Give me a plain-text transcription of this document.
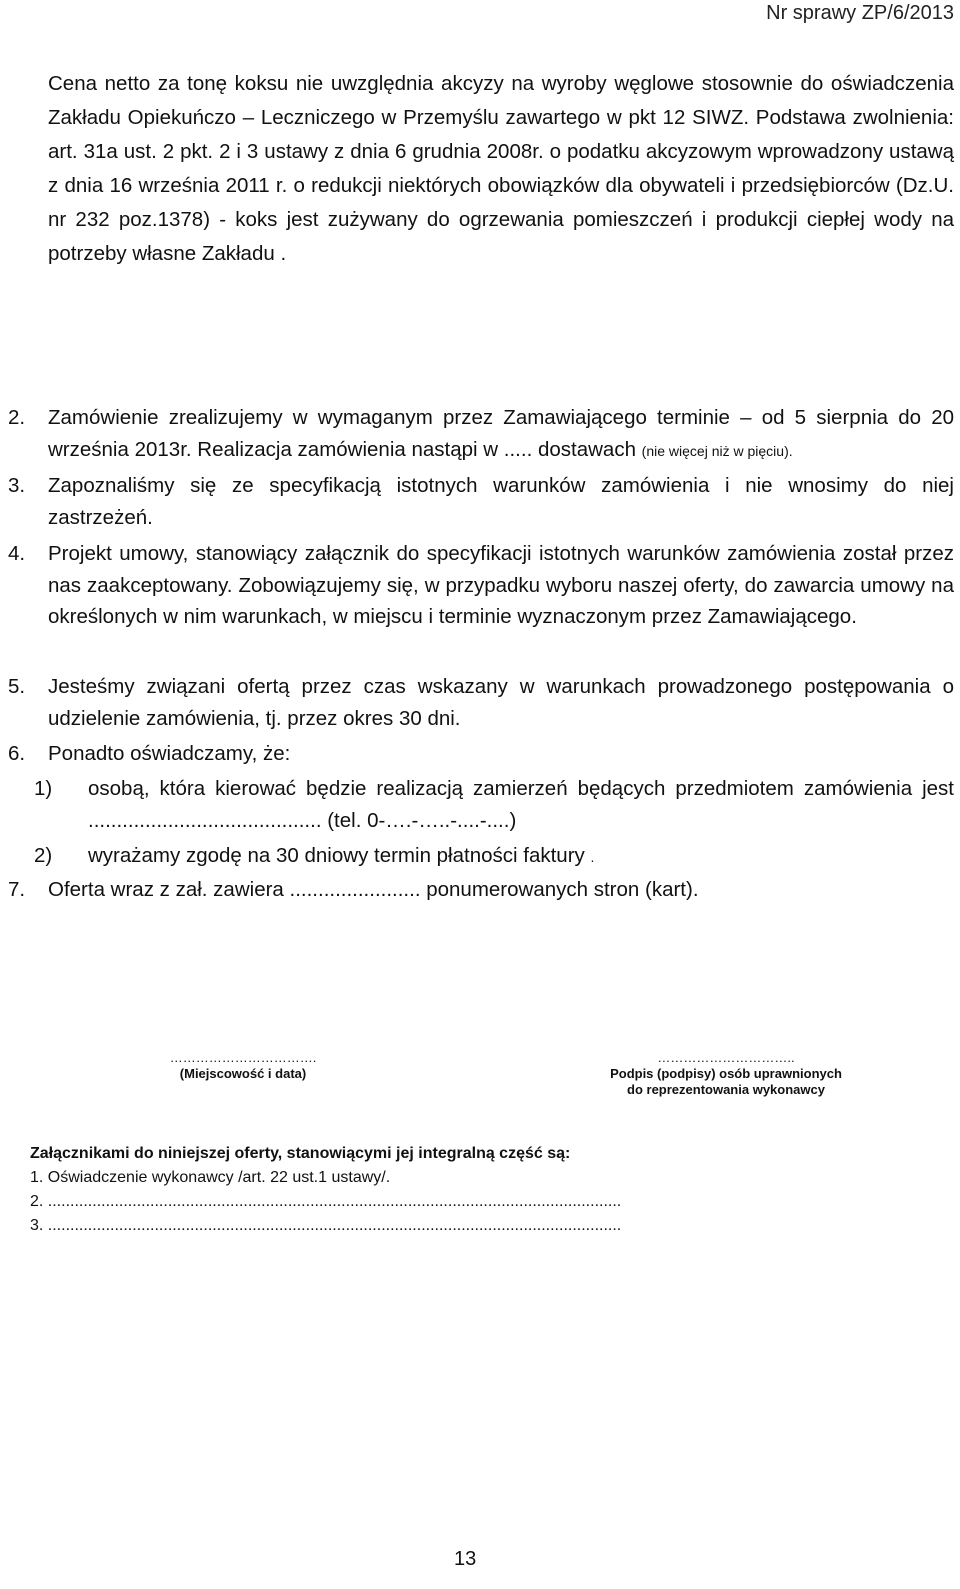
Nr sprawy ZP/6/2013
Cena netto za tonę koksu nie uwzględnia akcyzy na wyroby węglowe stosownie do oświadczenia Zakładu Opiekuńczo – Leczniczego w Przemyślu zawartego w pkt 12 SIWZ. Podstawa zwolnienia: art. 31a ust. 2 pkt. 2 i 3 ustawy z dnia 6 grudnia 2008r. o podatku akcyzowym wprowadzony ustawą z dnia 16 września 2011 r. o redukcji niektórych obowiązków dla obywateli i przedsiębiorców (Dz.U. nr 232 poz.1378) - koks jest zużywany do ogrzewania pomieszczeń i produkcji ciepłej wody na potrzeby własne Zakładu .
2. Zamówienie zrealizujemy w wymaganym przez Zamawiającego terminie – od 5 sierpnia do 20 września 2013r. Realizacja zamówienia nastąpi w ..... dostawach (nie więcej niż w pięciu).
3. Zapoznaliśmy się ze specyfikacją istotnych warunków zamówienia i nie wnosimy do niej zastrzeżeń.
4. Projekt umowy, stanowiący załącznik do specyfikacji istotnych warunków zamówienia został przez nas zaakceptowany. Zobowiązujemy się, w przypadku wyboru naszej oferty, do zawarcia umowy na określonych w nim warunkach, w miejscu i terminie wyznaczonym przez Zamawiającego.
5. Jesteśmy związani ofertą przez czas wskazany w warunkach prowadzonego postępowania o udzielenie zamówienia, tj. przez okres 30 dni.
6. Ponadto oświadczamy, że:
1) osobą, która kierować będzie realizacją zamierzeń będących przedmiotem zamówienia jest ......................................... (tel. 0-….-…..-....-....)
2) wyrażamy zgodę na 30 dniowy termin płatności faktury .
7. Oferta wraz z zał. zawiera ....................... ponumerowanych stron (kart).
…………………………….
(Miejscowość i data)
…………………………..
Podpis (podpisy) osób uprawnionych
do reprezentowania wykonawcy
Załącznikami do niniejszej oferty, stanowiącymi jej integralną część są:
1. Oświadczenie wykonawcy /art. 22 ust.1 ustawy/.
2. .................................................................................................................................
3. .................................................................................................................................
13
